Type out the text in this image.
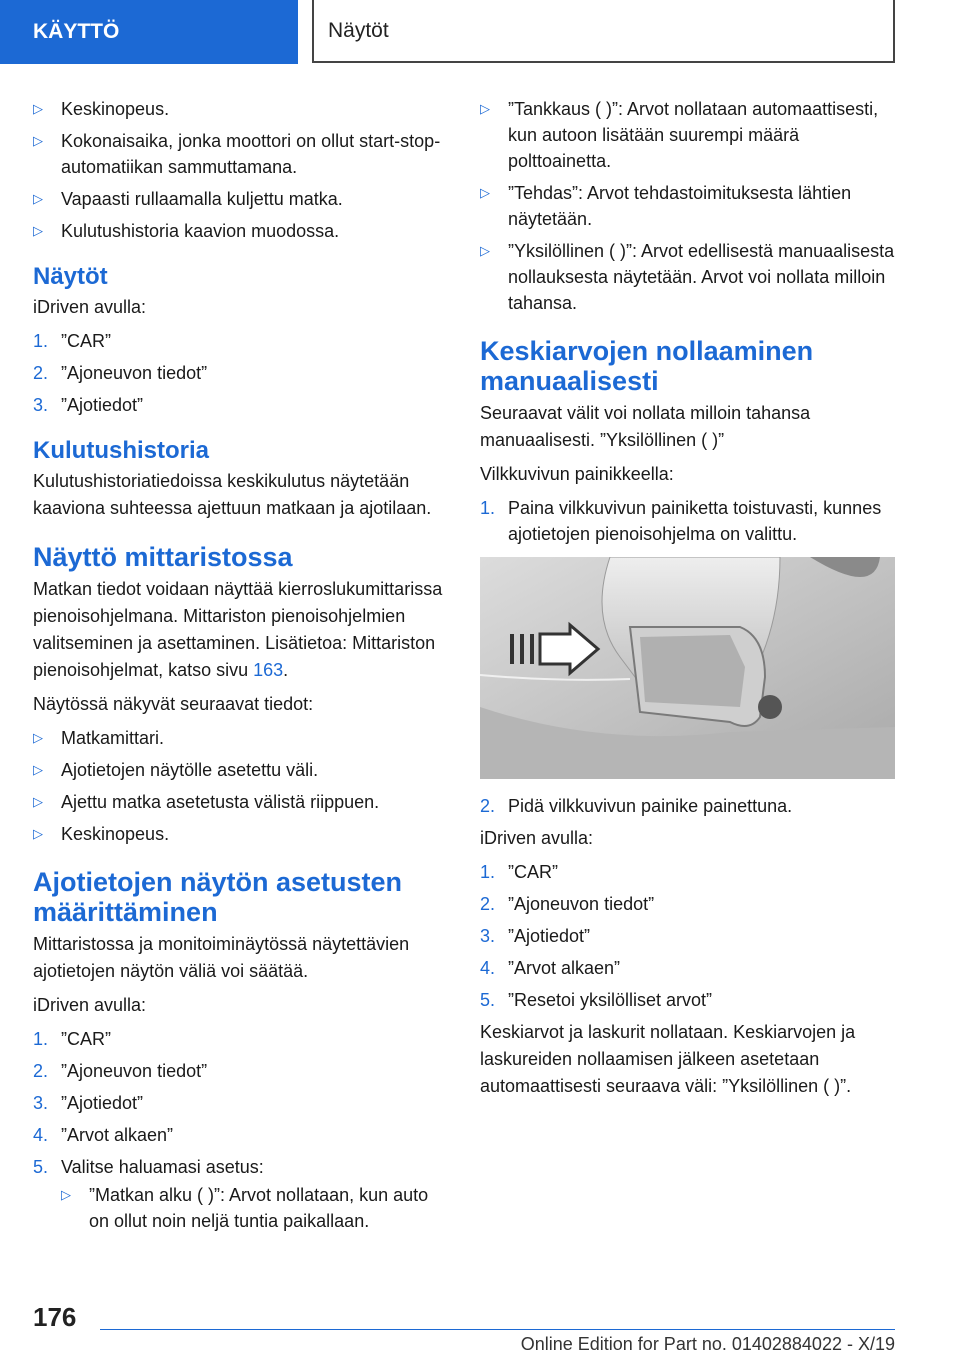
KÄYTTÖ	Näytöt
▷ Keskinopeus.
▷ Kokonaisaika, jonka moottori on ollut start-stop-automatiikan sammuttamana.
▷ Vapaasti rullaamalla kuljettu matka.
▷ Kulutushistoria kaavion muodossa.
Näytöt

iDriven avulla:

1. ”CAR”
2. ”Ajoneuvon tiedot”
3. ”Ajotiedot”
Kulutushistoria

Kulutushistoriatiedoissa keskikulutus näytetään kaaviona suhteessa ajettuun matkaan ja ajotilaan.

Näyttö mittaristossa

Matkan tiedot voidaan näyttää kierroslukumittarissa pienoisohjelmana. Mittariston pienoisohjelmien valitseminen ja asettaminen. Lisätietoa: Mittariston pienoisohjelmat, katso sivu 163.

Näytössä näkyvät seuraavat tiedot:

▷ Matkamittari.
▷ Ajotietojen näytölle asetettu väli.
▷ Ajettu matka asetetusta välistä riippuen.
▷ Keskinopeus.
Ajotietojen näytön asetusten määrittäminen

Mittaristossa ja monitoiminäytössä näytettävien ajotietojen näytön väliä voi säätää.

iDriven avulla:

1. ”CAR”
2. ”Ajoneuvon tiedot”
3. ”Ajotiedot”
4. ”Arvot alkaen”
5. Valitse haluamasi asetus:
▷ ”Matkan alku ( )”: Arvot nollataan, kun auto on ollut noin neljä tuntia paikallaan.
▷ ”Tankkaus ( )”: Arvot nollataan automaattisesti, kun autoon lisätään suurempi määrä polttoainetta.
▷ ”Tehdas”: Arvot tehdastoimituksesta lähtien näytetään.
▷ ”Yksilöllinen ( )”: Arvot edellisestä manuaalisesta nollauksesta näytetään. Arvot voi nollata milloin tahansa.
Keskiarvojen nollaaminen manuaalisesti

Seuraavat välit voi nollata milloin tahansa manuaalisesti. ”Yksilöllinen ( )”

Vilkkuvivun painikkeella:

1. Paina vilkkuvivun painiketta toistuvasti, kunnes ajotietojen pienoisohjelma on valittu.
2. Pidä vilkkuvivun painike painettuna.

iDriven avulla:

1. ”CAR”
2. ”Ajoneuvon tiedot”
3. ”Ajotiedot”
4. ”Arvot alkaen”
5. ”Resetoi yksilölliset arvot”

Keskiarvot ja laskurit nollataan. Keskiarvojen ja laskureiden nollaamisen jälkeen asetetaan automaattisesti seuraava väli: ”Yksilöllinen ( )”.

176
Online Edition for Part no. 01402884022 - X/19
